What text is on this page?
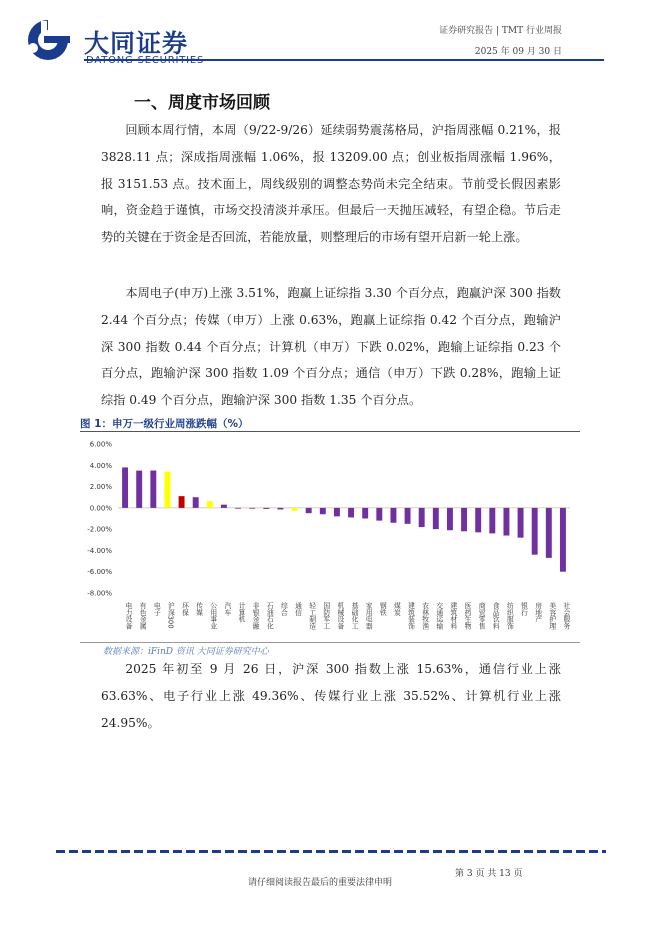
大同证券	证券研究报告 | TMT 行业周报
2025 年 09 月 30 日
一、周度市场回顾

回顾本周行情，本周（9/22-9/26）延续弱势震荡格局，沪指周涨幅 0.21%，报 3828.11 点；深成指周涨幅 1.06%，报 13209.00 点；创业板指周涨幅 1.96%，报 3151.53 点。技术面上，周线级别的调整态势尚未完全结束。节前受长假因素影响，资金趋于谨慎，市场交投清淡并承压。但最后一天抛压减轻，有望企稳。节后走势的关键在于资金是否回流，若能放量，则整理后的市场有望开启新一轮上涨。

本周电子(申万)上涨 3.51%，跑赢上证综指 3.30 个百分点，跑赢沪深 300 指数 2.44 个百分点；传媒（申万）上涨 0.63%，跑赢上证综指 0.42 个百分点，跑输沪深 300 指数 0.44 个百分点；计算机（申万）下跌 0.02%，跑输上证综指 0.23 个百分点，跑输沪深 300 指数 1.09 个百分点；通信（申万）下跌 0.28%，跑输上证综指 0.49 个百分点，跑输沪深 300 指数 1.35 个百分点。

图 1：申万一级行业周涨跌幅（%）
6.00%
4.00%
2.00%
0.00%
-2.00%
-4.00%
-6.00%
-8.00%
电力设备 有色金属 电子 沪深300 环保 传媒 公用事业 汽车 计算机 非银金融 石油石化 综合 通信 轻工制造 国防军工 机械设备 基础化工 家用电器 钢铁 煤炭 建筑装饰 农林牧渔 交通运输 建筑材料 医药生物 商贸零售 食品饮料 纺织服饰 银行 房地产 美容护理 社会服务
数据来源：iFinD 资讯 大同证券研究中心

2025 年初至 9 月 26 日，沪深 300 指数上涨 15.63%，通信行业上涨 63.63%、电子行业上涨 49.36%、传媒行业上涨 35.52%、计算机行业上涨 24.95%。

请仔细阅读报告最后的重要法律申明
第 3 页 共 13 页
